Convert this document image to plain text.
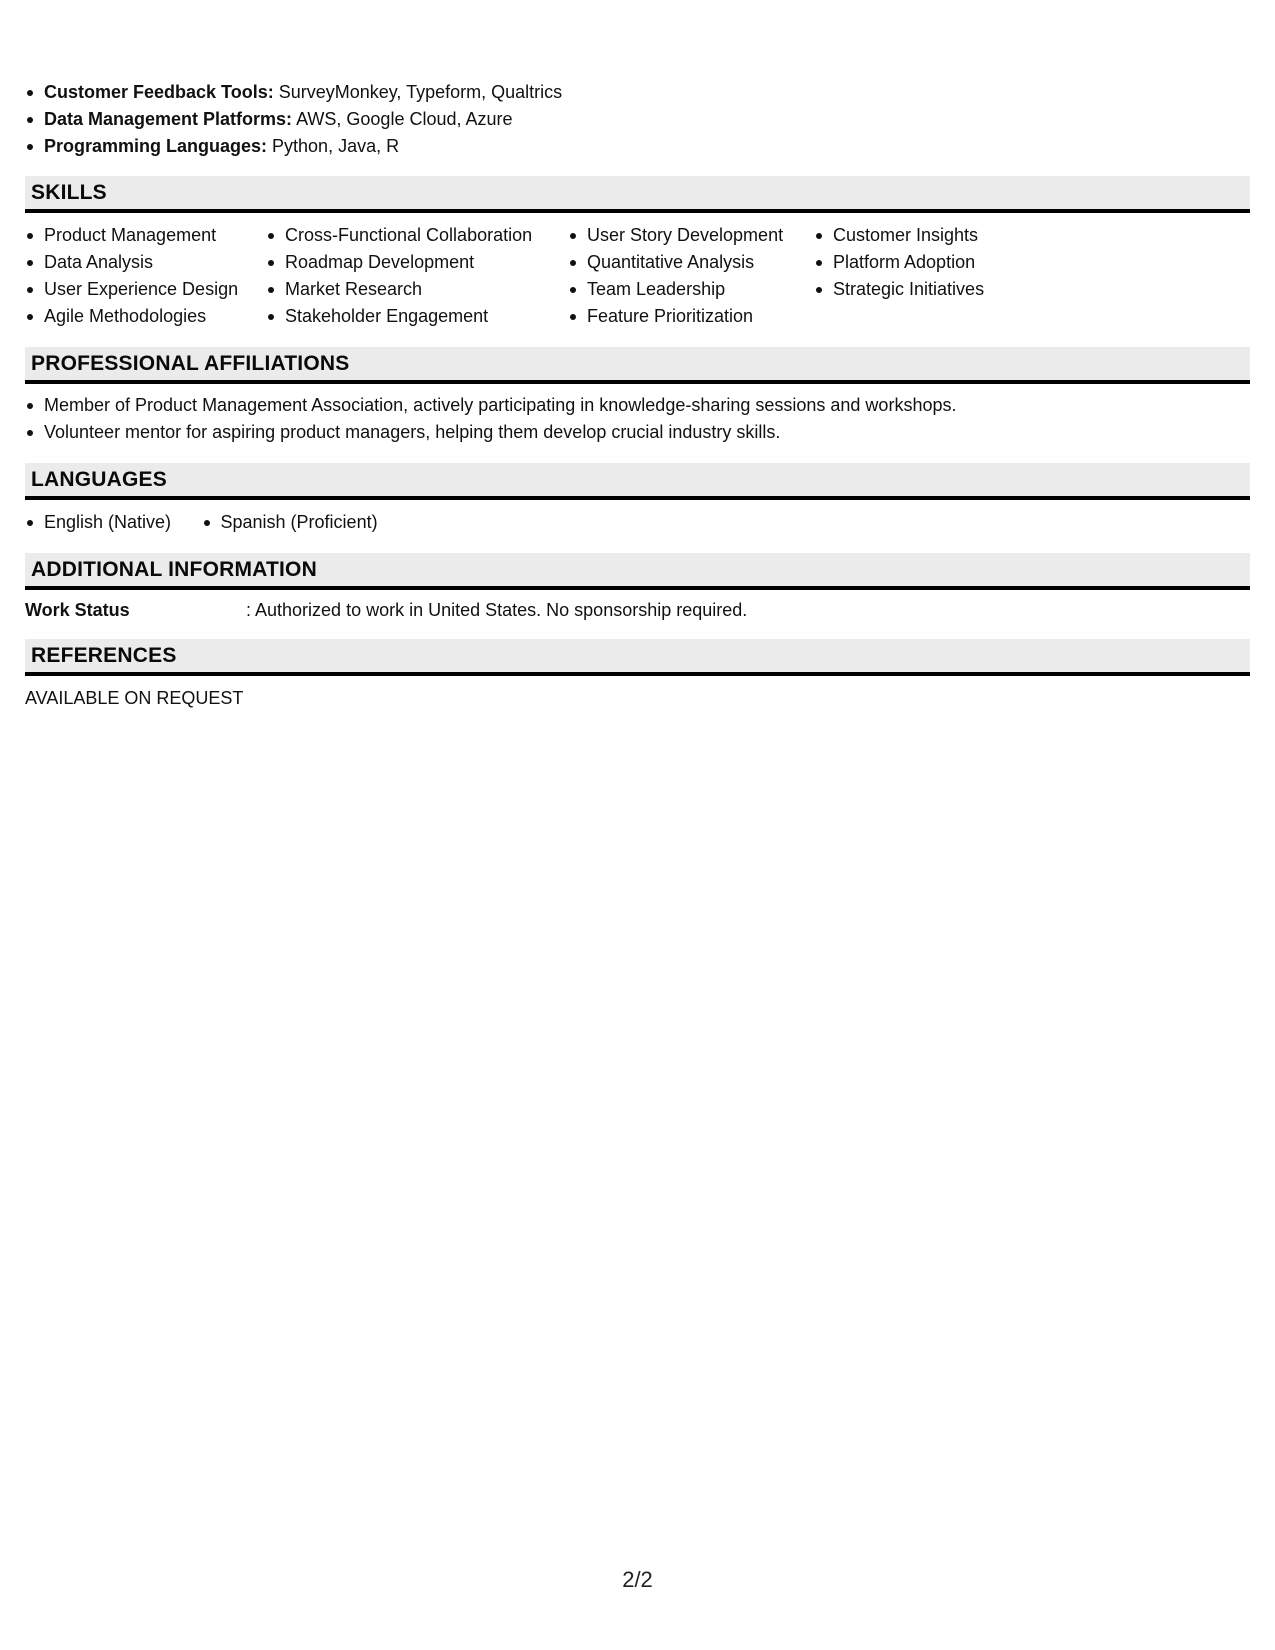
Customer Feedback Tools: SurveyMonkey, Typeform, Qualtrics
Data Management Platforms: AWS, Google Cloud, Azure
Programming Languages: Python, Java, R
SKILLS
Product Management
Data Analysis
User Experience Design
Agile Methodologies
Cross-Functional Collaboration
Roadmap Development
Market Research
Stakeholder Engagement
User Story Development
Quantitative Analysis
Team Leadership
Feature Prioritization
Customer Insights
Platform Adoption
Strategic Initiatives
PROFESSIONAL AFFILIATIONS
Member of Product Management Association, actively participating in knowledge-sharing sessions and workshops.
Volunteer mentor for aspiring product managers, helping them develop crucial industry skills.
LANGUAGES
English (Native)	Spanish (Proficient)
ADDITIONAL INFORMATION
Work Status	: Authorized to work in United States. No sponsorship required.
REFERENCES
AVAILABLE ON REQUEST
2/2
